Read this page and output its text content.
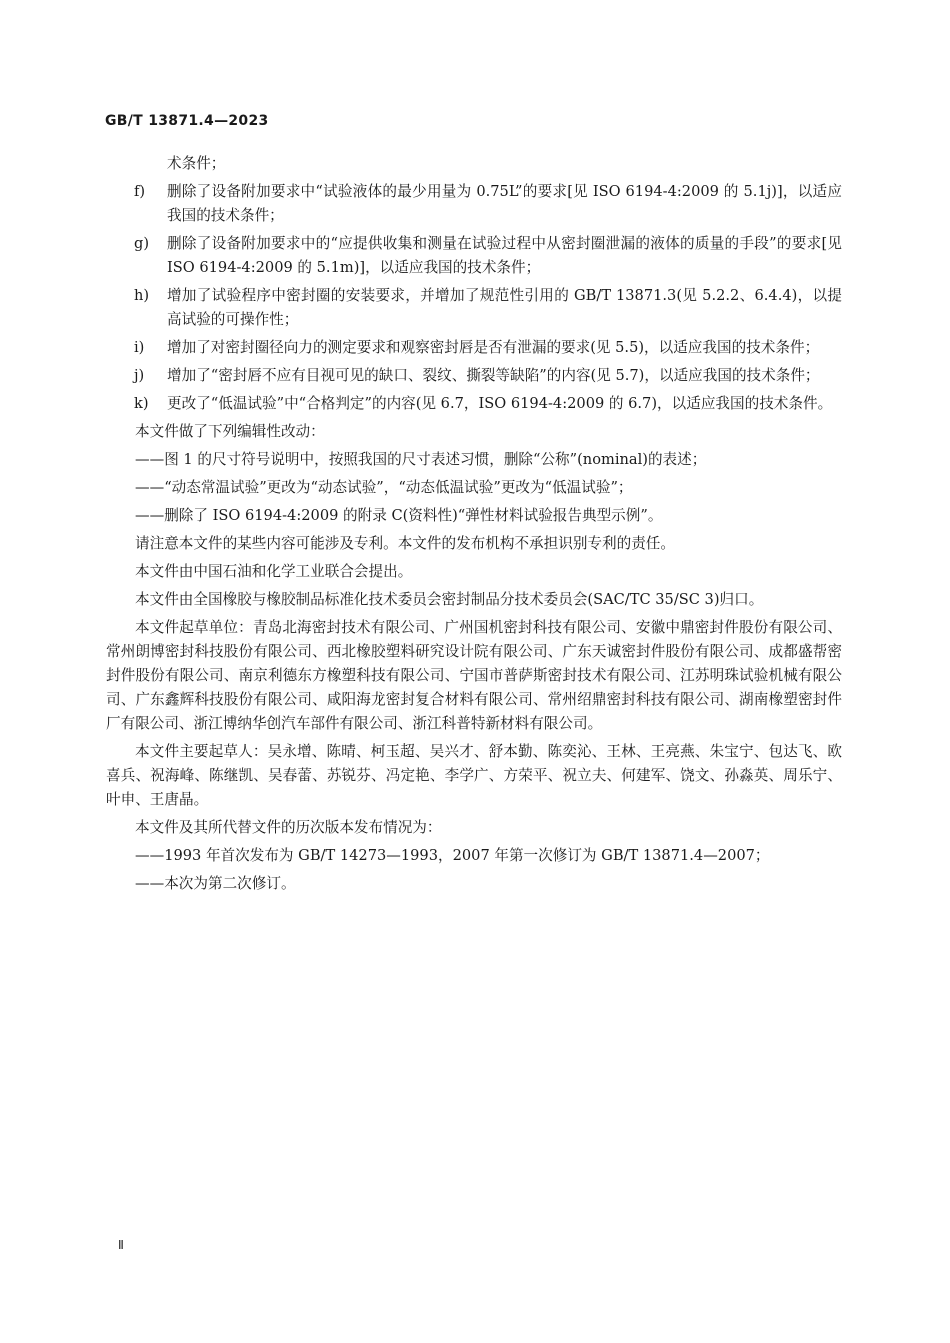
GB/T 13871.4—2023
术条件；
f) 删除了设备附加要求中“试验液体的最少用量为 0.75L”的要求[见 ISO 6194-4:2009 的 5.1j)]，以适应我国的技术条件；
g) 删除了设备附加要求中的“应提供收集和测量在试验过程中从密封圈泄漏的液体的质量的手段”的要求[见 ISO 6194-4:2009 的 5.1m)]，以适应我国的技术条件；
h) 增加了试验程序中密封圈的安装要求，并增加了规范性引用的 GB/T 13871.3(见 5.2.2、6.4.4)，以提高试验的可操作性；
i) 增加了对密封圈径向力的测定要求和观察密封唇是否有泄漏的要求(见 5.5)，以适应我国的技术条件；
j) 增加了“密封唇不应有目视可见的缺口、裂纹、撕裂等缺陷”的内容(见 5.7)，以适应我国的技术条件；
k) 更改了“低温试验”中“合格判定”的内容(见 6.7，ISO 6194-4:2009 的 6.7)，以适应我国的技术条件。
本文件做了下列编辑性改动：
——图 1 的尺寸符号说明中，按照我国的尺寸表述习惯，删除“公称”(nominal)的表述；
——“动态常温试验”更改为“动态试验”，“动态低温试验”更改为“低温试验”；
——删除了 ISO 6194-4:2009 的附录 C(资料性)“弹性材料试验报告典型示例”。
请注意本文件的某些内容可能涉及专利。本文件的发布机构不承担识别专利的责任。
本文件由中国石油和化学工业联合会提出。
本文件由全国橡胶与橡胶制品标准化技术委员会密封制品分技术委员会(SAC/TC 35/SC 3)归口。
本文件起草单位：青岛北海密封技术有限公司、广州国机密封科技有限公司、安徽中鼎密封件股份有限公司、常州朗博密封科技股份有限公司、西北橡胶塑料研究设计院有限公司、广东天诚密封件股份有限公司、成都盛帮密封件股份有限公司、南京利德东方橡塑科技有限公司、宁国市普萨斯密封技术有限公司、江苏明珠试验机械有限公司、广东鑫辉科技股份有限公司、咸阳海龙密封复合材料有限公司、常州绍鼎密封科技有限公司、湖南橡塑密封件厂有限公司、浙江博纳华创汽车部件有限公司、浙江科普特新材料有限公司。
本文件主要起草人：吴永增、陈晴、柯玉超、吴兴才、舒本勤、陈奕沁、王林、王亮燕、朱宝宁、包达飞、欧喜兵、祝海峰、陈继凯、吴春蕾、苏锐芬、冯定艳、李学广、方荣平、祝立夫、何建军、饶文、孙淼英、周乐宁、叶申、王唐晶。
本文件及其所代替文件的历次版本发布情况为：
——1993 年首次发布为 GB/T 14273—1993，2007 年第一次修订为 GB/T 13871.4—2007；
——本次为第二次修订。
Ⅱ
